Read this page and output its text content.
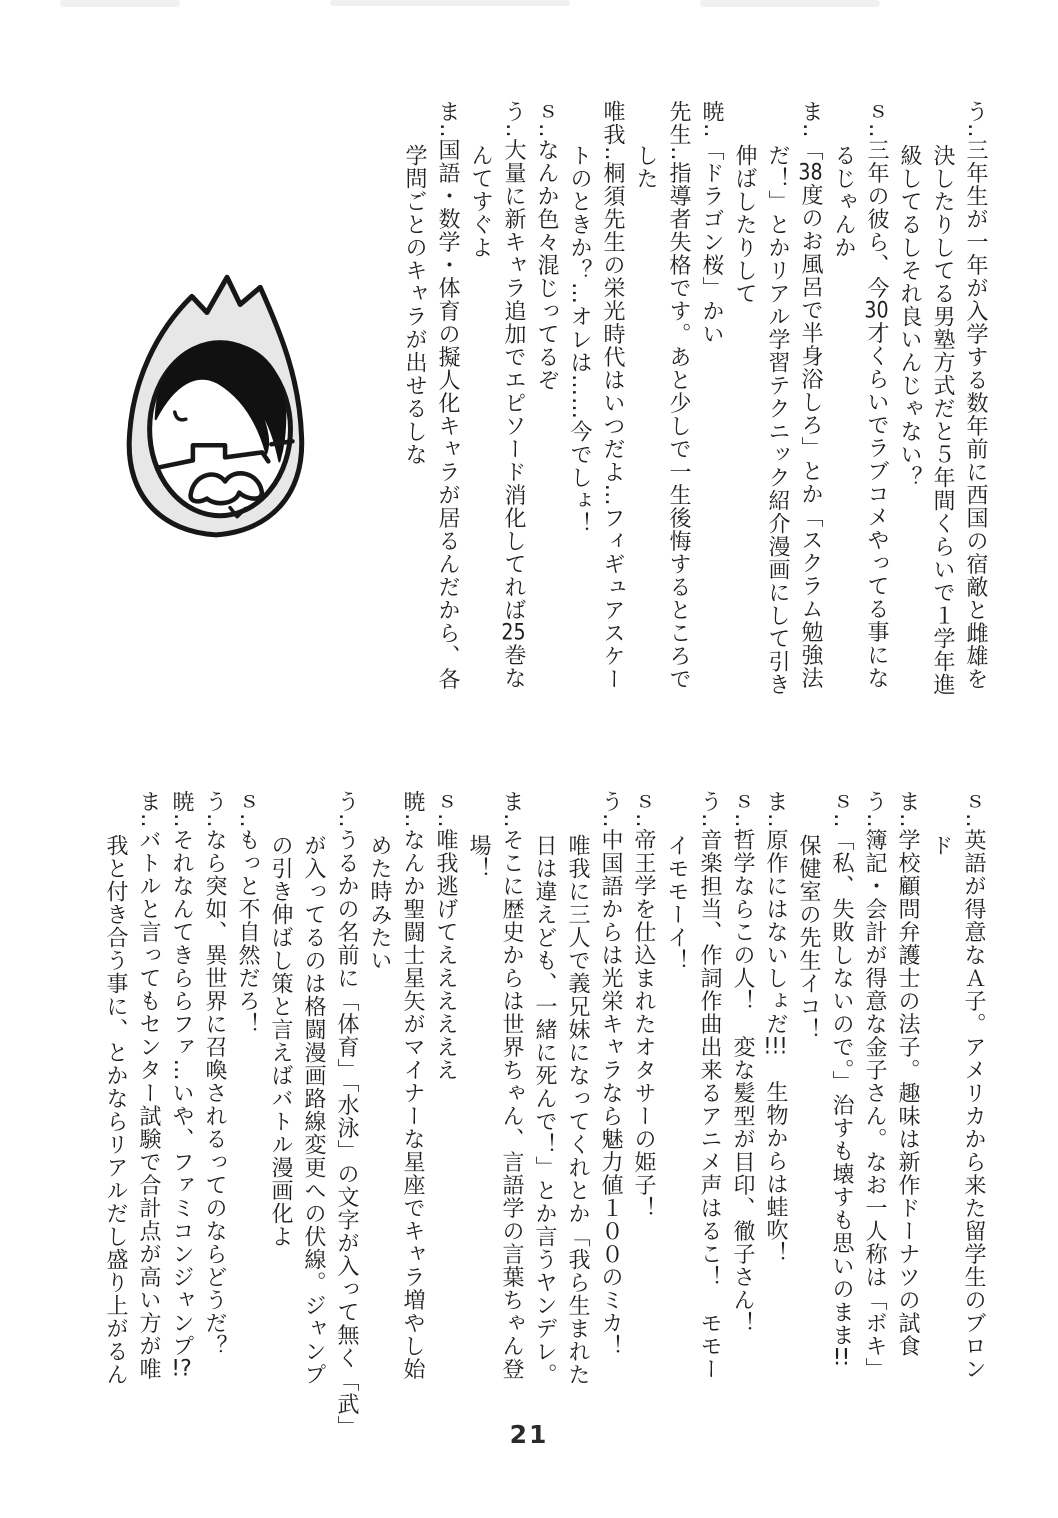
う‥三年生が一年が入学する数年前に西国の宿敵と雌雄を
決したりしてる男塾方式だと５年間くらいで１学年進
級してるしそれ良いんじゃない？
ｓ‥三年の彼ら、今30才くらいでラブコメやってる事にな
るじゃんか
ま‥「38度のお風呂で半身浴しろ」とか「スクラム勉強法
だ！」とかリアル学習テクニック紹介漫画にして引き
伸ばしたりして
暁‥「ドラゴン桜」かい
先生‥指導者失格です。あと少しで一生後悔するところで
した
唯我‥桐須先生の栄光時代はいつだよ…フィギュアスケー
トのときか？…オレは……今でしょ！
ｓ‥なんか色々混じってるぞ
う‥大量に新キャラ追加でエピソード消化してれば25巻な
んてすぐよ
ま‥国語・数学・体育の擬人化キャラが居るんだから、各
学問ごとのキャラが出せるしな
ｓ‥英語が得意なＡ子。アメリカから来た留学生のブロン
ド
ま‥学校顧問弁護士の法子。趣味は新作ドーナツの試食
う‥簿記・会計が得意な金子さん。なお一人称は「ボキ」
ｓ‥「私、失敗しないので。」治すも壊すも思いのまま!!
保健室の先生イコ！
ま‥原作にはないしょだ!!!　生物からは蛙吹！
ｓ‥哲学ならこの人！　変な髪型が目印、徹子さん！
う‥音楽担当、作詞作曲出来るアニメ声はるこ！　モモー
イモモーイ！
ｓ‥帝王学を仕込まれたオタサーの姫子！
う‥中国語からは光栄キャラなら魅力値１００のミカ！
唯我に三人で義兄妹になってくれとか「我ら生まれた
日は違えども、一緒に死んで！」とか言うヤンデレ。
ま‥そこに歴史からは世界ちゃん、言語学の言葉ちゃん登
場！
ｓ‥唯我逃げてええええええ
暁‥なんか聖闘士星矢がマイナーな星座でキャラ増やし始
めた時みたい
う‥うるかの名前に「体育」「水泳」の文字が入って無く「武」
が入ってるのは格闘漫画路線変更への伏線。ジャンプ
の引き伸ばし策と言えばバトル漫画化よ
ｓ‥もっと不自然だろ！
う‥なら突如、異世界に召喚されるってのならどうだ？
暁‥それなんてきららファ…いや、ファミコンジャンプ!?
ま‥バトルと言ってもセンター試験で合計点が高い方が唯
我と付き合う事に、とかならリアルだし盛り上がるん
21
